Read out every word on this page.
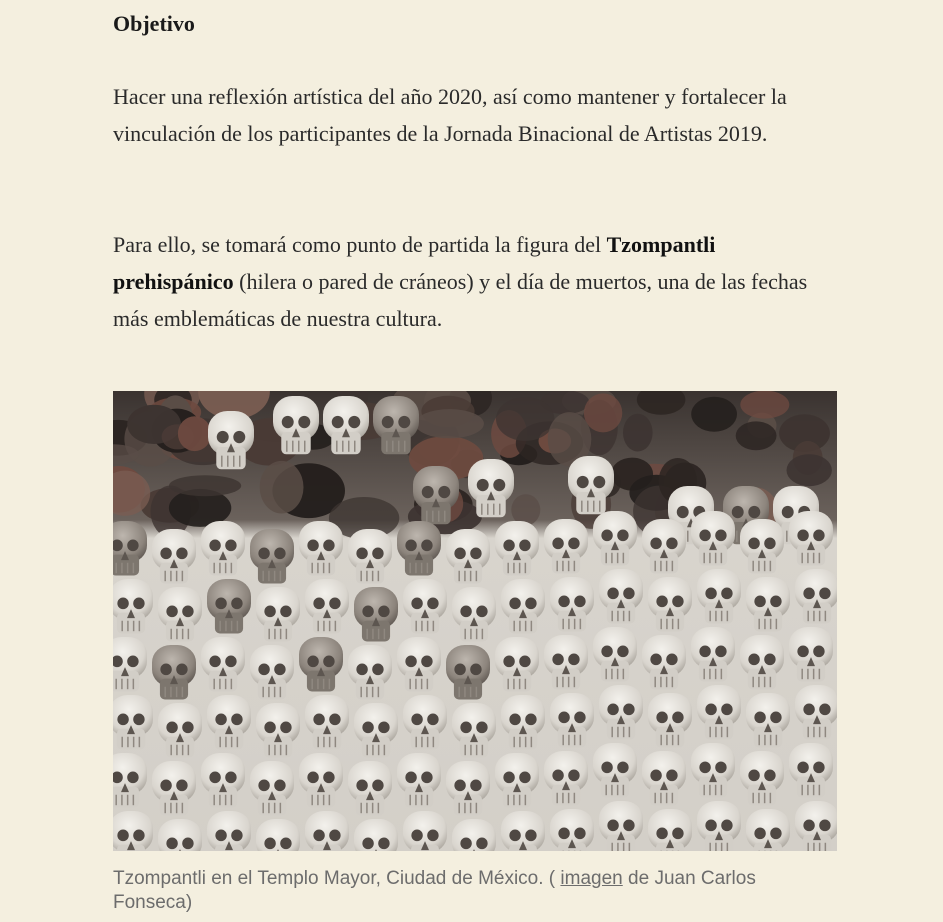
Objetivo

Hacer una reflexión artística del año 2020, así como mantener y fortalecer la vinculación de los participantes de la Jornada Binacional de Artistas 2019.

Para ello, se tomará como punto de partida la figura del Tzompantli prehispánico (hilera o pared de cráneos) y el día de muertos, una de las fechas más emblemáticas de nuestra cultura.

Tzompantli en el Templo Mayor, Ciudad de México. ( imagen de Juan Carlos Fonseca)
